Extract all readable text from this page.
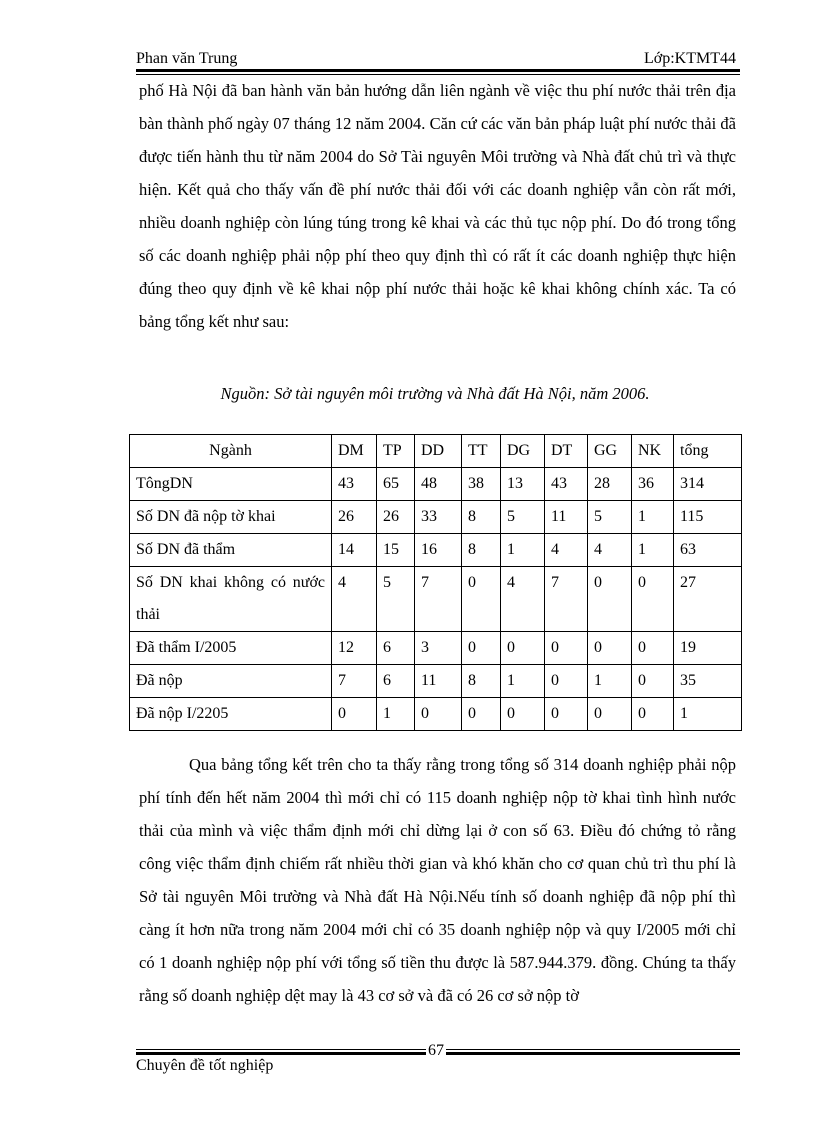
Phan văn Trung	Lớp:KTMT44
phố Hà Nội đã ban hành văn bản hướng dẫn liên ngành về việc thu phí nước thải trên địa bàn thành phố ngày 07 tháng 12 năm 2004. Căn cứ các văn bản pháp luật phí nước thải đã được tiến hành thu từ năm 2004 do Sở Tài nguyên Môi trường và Nhà đất chủ trì và thực hiện. Kết quả cho thấy vấn đề phí nước thải đối với các doanh nghiệp vẫn còn rất mới, nhiều doanh nghiệp còn lúng túng trong kê khai và các thủ tục nộp phí. Do đó trong tổng số các doanh nghiệp phải nộp phí theo quy định thì có rất ít các doanh nghiệp thực hiện đúng theo quy định về kê khai nộp phí nước thải hoặc kê khai không chính xác. Ta có bảng tổng kết như sau:
Nguồn: Sở tài nguyên môi trường và Nhà đất Hà Nội, năm 2006.
Ngành	DM	TP	DD	TT	DG	DT	GG	NK	tổng
TôngDN	43	65	48	38	13	43	28	36	314
Số DN đã nộp tờ khai	26	26	33	8	5	11	5	1	115
Số DN đã thẩm	14	15	16	8	1	4	4	1	63
Số DN khai không có nước thải	4	5	7	0	4	7	0	0	27
Đã thẩm I/2005	12	6	3	0	0	0	0	0	19
Đã nộp	7	6	11	8	1	0	1	0	35
Đã nộp I/2205	0	1	0	0	0	0	0	0	1
Qua bảng tổng kết trên cho ta thấy rằng trong tổng số 314 doanh nghiệp phải nộp phí tính đến hết năm 2004 thì mới chỉ có 115 doanh nghiệp nộp tờ khai tình hình nước thải của mình và việc thẩm định mới chỉ dừng lại ở con số 63. Điều đó chứng tỏ rằng công việc thẩm định chiếm rất nhiều thời gian và khó khăn cho cơ quan chủ trì thu phí là Sở tài nguyên Môi trường và Nhà đất Hà Nội.Nếu tính số doanh nghiệp đã nộp phí thì càng ít hơn nữa trong năm 2004 mới chỉ có 35 doanh nghiệp nộp và quy I/2005 mới chỉ có 1 doanh nghiệp nộp phí với tổng số tiền thu được là 587.944.379. đồng. Chúng ta thấy rằng số doanh nghiệp dệt may là 43 cơ sở và đã có 26 cơ sở nộp tờ
67
Chuyên đề tốt nghiệp
